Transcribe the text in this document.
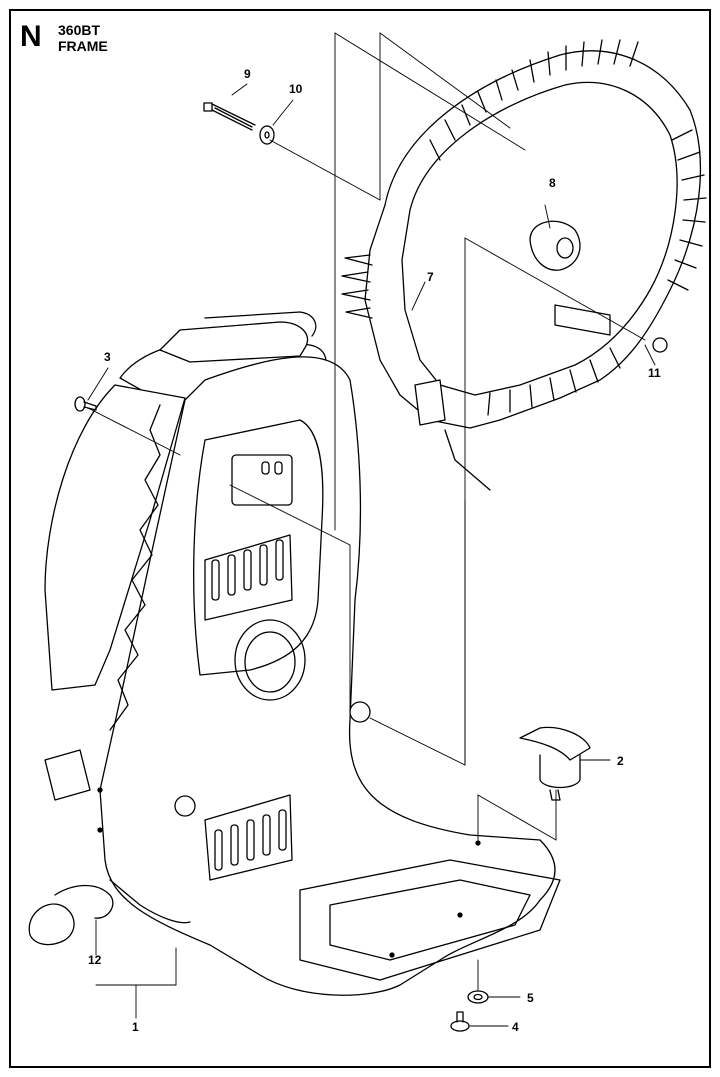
N 360BT
FRAME
1
2
3
4
5
7
8
9
10
11
12
